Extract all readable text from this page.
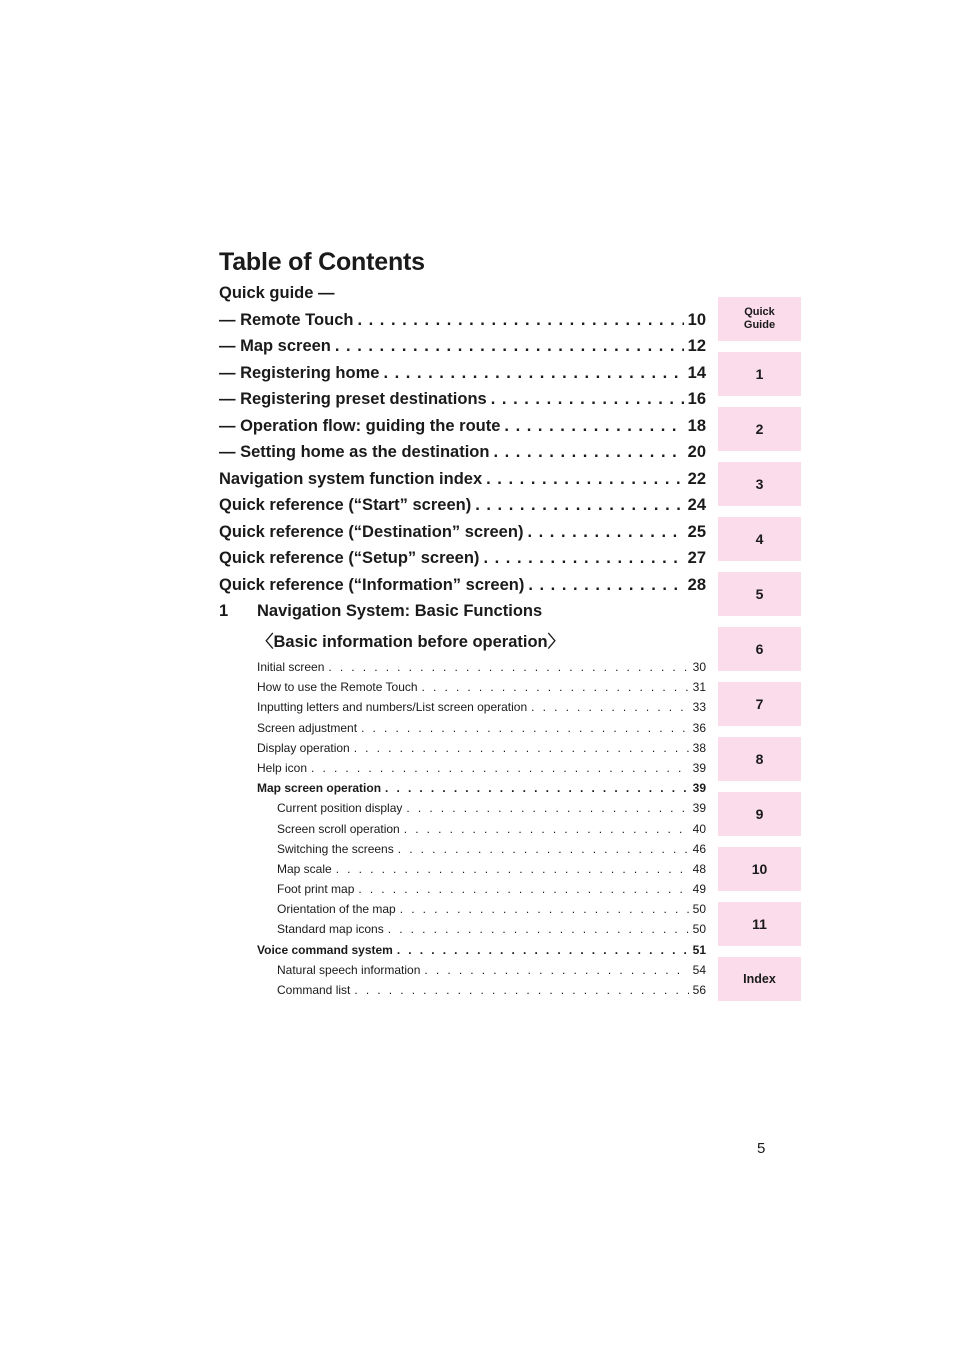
Table of Contents
Quick guide —
— Remote Touch . . .	10
— Map screen . . .	12
— Registering home . . .	14
— Registering preset destinations . . .	16
— Operation flow: guiding the route . . .	18
— Setting home as the destination . . .	20
Navigation system function index . . .	22
Quick reference (“Start” screen) . . .	24
Quick reference (“Destination” screen) . . .	25
Quick reference (“Setup” screen) . . .	27
Quick reference (“Information” screen) . . .	28
1	Navigation System: Basic Functions
〈Basic information before operation〉
Initial screen . . .	30
How to use the Remote Touch . . .	31
Inputting letters and numbers/List screen operation . . .	33
Screen adjustment . . .	36
Display operation . . .	38
Help icon . . .	39
Map screen operation . . .	39
Current position display . . .	39
Screen scroll operation . . .	40
Switching the screens . . .	46
Map scale . . .	48
Foot print map . . .	49
Orientation of the map . . .	50
Standard map icons . . .	50
Voice command system . . .	51
Natural speech information . . .	54
Command list . . .	56
Quick
Guide
1
2
3
4
5
6
7
8
9
10
11
Index
5
